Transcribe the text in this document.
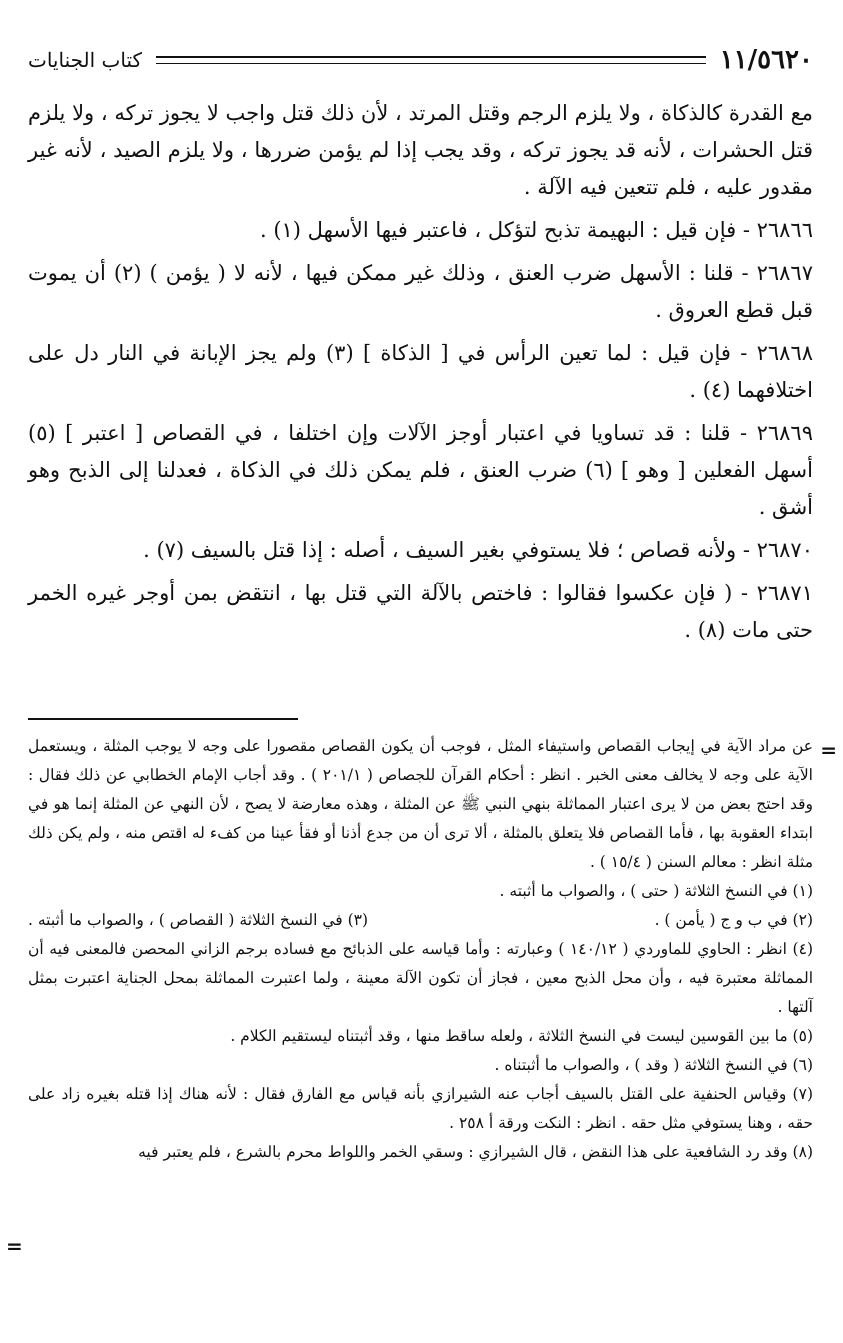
١١/٥٦٢٠
كتاب الجنايات

مع القدرة كالذكاة ، ولا يلزم الرجم وقتل المرتد ، لأن ذلك قتل واجب لا يجوز تركه ، ولا يلزم قتل الحشرات ، لأنه قد يجوز تركه ، وقد يجب إذا لم يؤمن ضررها ، ولا يلزم الصيد ، لأنه غير مقدور عليه ، فلم تتعين فيه الآلة .

٢٦٨٦٦ - فإن قيل : البهيمة تذبح لتؤكل ، فاعتبر فيها الأسهل (١) .

٢٦٨٦٧ - قلنا : الأسهل ضرب العنق ، وذلك غير ممكن فيها ، لأنه لا ( يؤمن ) (٢) أن يموت قبل قطع العروق .

٢٦٨٦٨ - فإن قيل : لما تعين الرأس في [ الذكاة ] (٣) ولم يجز الإبانة في النار دل على اختلافهما (٤) .

٢٦٨٦٩ - قلنا : قد تساويا في اعتبار أوجز الآلات وإن اختلفا ، في القصاص [ اعتبر ] (٥) أسهل الفعلين [ وهو ] (٦) ضرب العنق ، فلم يمكن ذلك في الذكاة ، فعدلنا إلى الذبح وهو أشق .

٢٦٨٧٠ - ولأنه قصاص ؛ فلا يستوفي بغير السيف ، أصله : إذا قتل بالسيف (٧) .

٢٦٨٧١ - ( فإن عكسوا فقالوا : فاختص بالآلة التي قتل بها ، انتقض بمن أوجر غيره الخمر حتى مات (٨) .

=

عن مراد الآية في إيجاب القصاص واستيفاء المثل ، فوجب أن يكون القصاص مقصورا على وجه لا يوجب المثلة ، ويستعمل الآية على وجه لا يخالف معنى الخبر . انظر : أحكام القرآن للجصاص ( ٢٠١/١ ) . وقد أجاب الإمام الخطابي عن ذلك فقال : وقد احتج بعض من لا يرى اعتبار المماثلة بنهي النبي ﷺ عن المثلة ، وهذه معارضة لا يصح ، لأن النهي عن المثلة إنما هو في ابتداء العقوبة بها ، فأما القصاص فلا يتعلق بالمثلة ، ألا ترى أن من جدع أذنا أو فقأ عينا من كفء له اقتص منه ، ولم يكن ذلك مثلة انظر : معالم السنن ( ١٥/٤ ) .

(١) في النسخ الثلاثة ( حتى ) ، والصواب ما أثبته .

(٢) في ب و ج ( يأمن ) .
(٣) في النسخ الثلاثة ( القصاص ) ، والصواب ما أثبته .

(٤) انظر : الحاوي للماوردي ( ١٤٠/١٢ ) وعبارته : وأما قياسه على الذبائح مع فساده برجم الزاني المحصن فالمعنى فيه أن المماثلة معتبرة فيه ، وأن محل الذبح معين ، فجاز أن تكون الآلة معينة ، ولما اعتبرت المماثلة بمحل الجناية اعتبرت بمثل آلتها .

(٥) ما بين القوسين ليست في النسخ الثلاثة ، ولعله ساقط منها ، وقد أثبتناه ليستقيم الكلام .

(٦) في النسخ الثلاثة ( وقد ) ، والصواب ما أثبتناه .

(٧) وقياس الحنفية على القتل بالسيف أجاب عنه الشيرازي بأنه قياس مع الفارق فقال : لأنه هناك إذا قتله بغيره زاد على حقه ، وهنا يستوفي مثل حقه . انظر : النكت ورقة أ ٢٥٨ .

(٨) وقد رد الشافعية على هذا النقض ، قال الشيرازي : وسقي الخمر واللواط محرم بالشرع ، فلم يعتبر فيه

=
